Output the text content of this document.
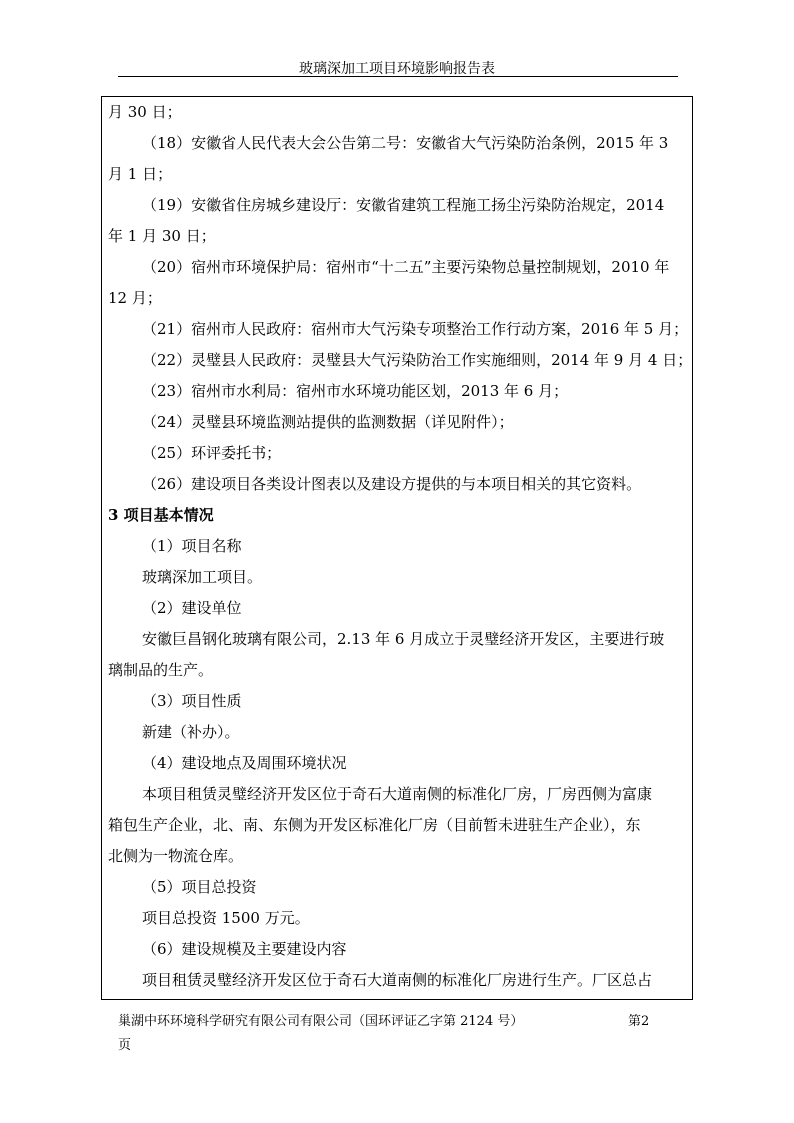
玻璃深加工项目环境影响报告表
月 30 日；
（18）安徽省人民代表大会公告第二号：安徽省大气污染防治条例，2015 年 3
月 1 日；
（19）安徽省住房城乡建设厅：安徽省建筑工程施工扬尘污染防治规定，2014
年 1 月 30 日；
（20）宿州市环境保护局：宿州市“十二五”主要污染物总量控制规划，2010 年
12 月；
（21）宿州市人民政府：宿州市大气污染专项整治工作行动方案，2016 年 5 月；
（22）灵璧县人民政府：灵璧县大气污染防治工作实施细则，2014 年 9 月 4 日；
（23）宿州市水利局：宿州市水环境功能区划，2013 年 6 月；
（24）灵璧县环境监测站提供的监测数据（详见附件）；
（25）环评委托书；
（26）建设项目各类设计图表以及建设方提供的与本项目相关的其它资料。
3 项目基本情况
（1）项目名称
玻璃深加工项目。
（2）建设单位
安徽巨昌钢化玻璃有限公司，2.13 年 6 月成立于灵璧经济开发区，主要进行玻
璃制品的生产。
（3）项目性质
新建（补办）。
（4）建设地点及周围环境状况
本项目租赁灵璧经济开发区位于奇石大道南侧的标准化厂房，厂房西侧为富康
箱包生产企业，北、南、东侧为开发区标准化厂房（目前暂未进驻生产企业），东
北侧为一物流仓库。
（5）项目总投资
项目总投资 1500 万元。
（6）建设规模及主要建设内容
项目租赁灵璧经济开发区位于奇石大道南侧的标准化厂房进行生产。厂区总占
巢湖中环环境科学研究有限公司有限公司（国环评证乙字第 2124 号）	第2
页
